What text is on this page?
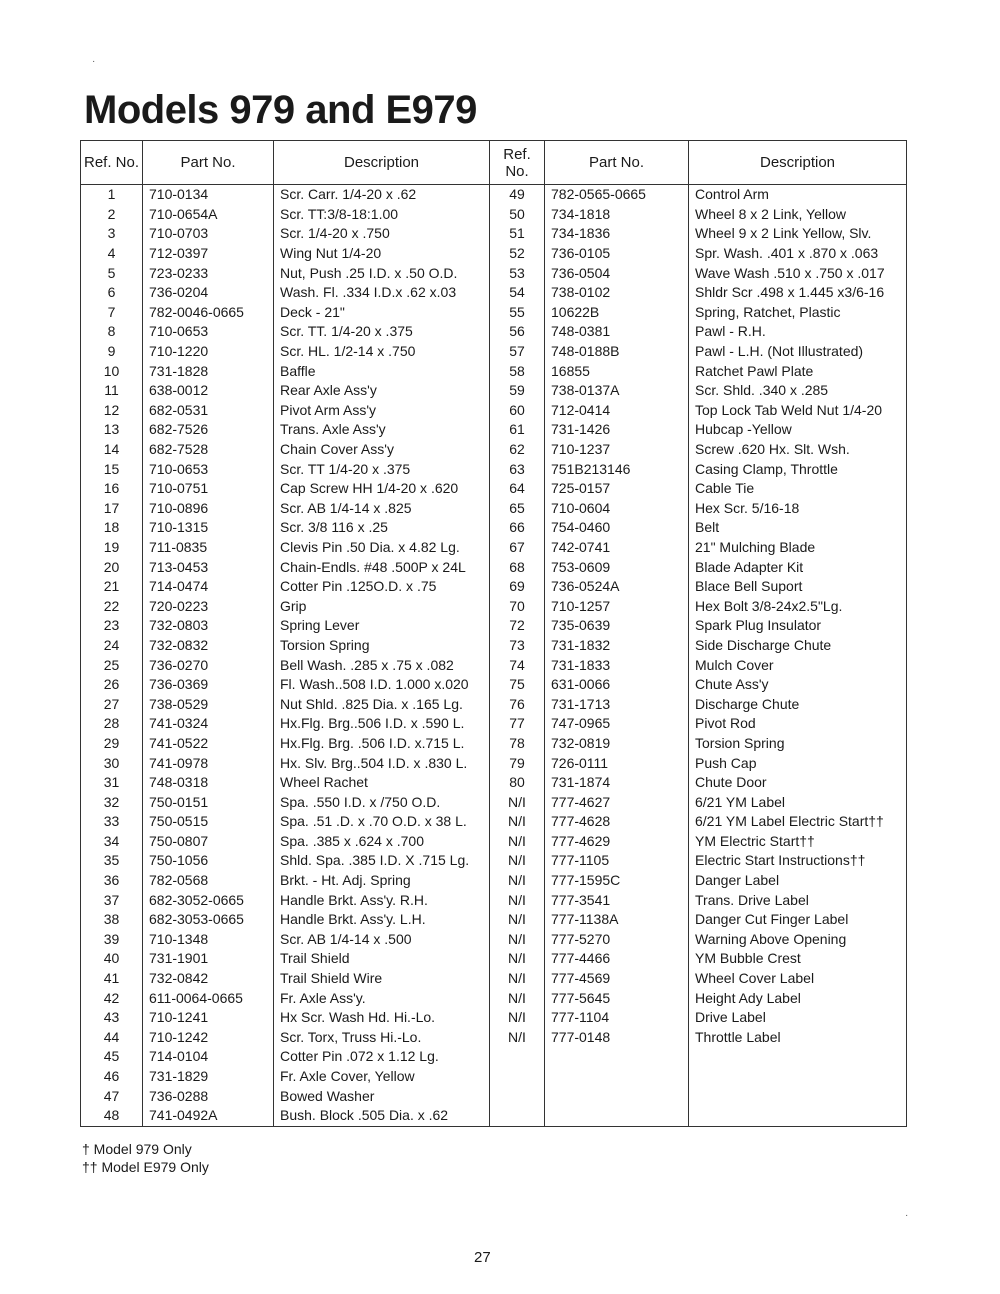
Models 979 and E979
Ref. No.	Part No.	Description	Ref. No.	Part No.	Description
1	710-0134	Scr. Carr. 1/4-20 x .62	49	782-0565-0665	Control Arm
2	710-0654A	Scr. TT:3/8-18:1.00	50	734-1818	Wheel 8 x 2 Link, Yellow
3	710-0703	Scr. 1/4-20 x .750	51	734-1836	Wheel 9 x 2 Link Yellow, Slv.
4	712-0397	Wing Nut 1/4-20	52	736-0105	Spr. Wash. .401 x .870 x .063
5	723-0233	Nut, Push .25 I.D. x .50 O.D.	53	736-0504	Wave Wash .510 x .750 x .017
6	736-0204	Wash. Fl. .334 I.D.x .62 x.03	54	738-0102	Shldr Scr .498 x 1.445 x3/6-16
7	782-0046-0665	Deck - 21"	55	10622B	Spring, Ratchet, Plastic
8	710-0653	Scr. TT. 1/4-20 x .375	56	748-0381	Pawl - R.H.
9	710-1220	Scr. HL. 1/2-14 x .750	57	748-0188B	Pawl - L.H. (Not Illustrated)
10	731-1828	Baffle	58	16855	Ratchet Pawl Plate
11	638-0012	Rear Axle Ass'y	59	738-0137A	Scr. Shld. .340 x .285
12	682-0531	Pivot Arm Ass'y	60	712-0414	Top Lock Tab Weld Nut 1/4-20
13	682-7526	Trans. Axle Ass'y	61	731-1426	Hubcap -Yellow
14	682-7528	Chain Cover Ass'y	62	710-1237	Screw .620 Hx. Slt. Wsh.
15	710-0653	Scr. TT 1/4-20 x .375	63	751B213146	Casing Clamp, Throttle
16	710-0751	Cap Screw HH 1/4-20 x .620	64	725-0157	Cable Tie
17	710-0896	Scr. AB 1/4-14 x .825	65	710-0604	Hex Scr. 5/16-18
18	710-1315	Scr. 3/8 116 x .25	66	754-0460	Belt
19	711-0835	Clevis Pin .50 Dia. x 4.82 Lg.	67	742-0741	21" Mulching Blade
20	713-0453	Chain-Endls. #48 .500P x 24L	68	753-0609	Blade Adapter Kit
21	714-0474	Cotter Pin .125O.D. x .75	69	736-0524A	Blace Bell Suport
22	720-0223	Grip	70	710-1257	Hex Bolt 3/8-24x2.5"Lg.
23	732-0803	Spring Lever	72	735-0639	Spark Plug Insulator
24	732-0832	Torsion Spring	73	731-1832	Side Discharge Chute
25	736-0270	Bell Wash. .285 x .75 x .082	74	731-1833	Mulch Cover
26	736-0369	Fl. Wash..508 I.D. 1.000 x.020	75	631-0066	Chute Ass'y
27	738-0529	Nut Shld. .825 Dia. x .165 Lg.	76	731-1713	Discharge Chute
28	741-0324	Hx.Flg. Brg..506 I.D. x .590 L.	77	747-0965	Pivot Rod
29	741-0522	Hx.Flg. Brg. .506 I.D. x.715 L.	78	732-0819	Torsion Spring
30	741-0978	Hx. Slv. Brg..504 I.D. x .830 L.	79	726-0111	Push Cap
31	748-0318	Wheel Rachet	80	731-1874	Chute Door
32	750-0151	Spa. .550 I.D. x /750 O.D.	N/I	777-4627	6/21 YM Label
33	750-0515	Spa. .51 .D. x .70 O.D. x 38 L.	N/I	777-4628	6/21 YM Label Electric Start††
34	750-0807	Spa. .385 x .624 x .700	N/I	777-4629	YM Electric Start††
35	750-1056	Shld. Spa. .385 I.D. X .715 Lg.	N/I	777-1105	Electric Start Instructions††
36	782-0568	Brkt. - Ht. Adj. Spring	N/I	777-1595C	Danger Label
37	682-3052-0665	Handle Brkt. Ass'y. R.H.	N/I	777-3541	Trans. Drive Label
38	682-3053-0665	Handle Brkt. Ass'y. L.H.	N/I	777-1138A	Danger Cut Finger Label
39	710-1348	Scr. AB 1/4-14 x .500	N/I	777-5270	Warning Above Opening
40	731-1901	Trail Shield	N/I	777-4466	YM Bubble Crest
41	732-0842	Trail Shield Wire	N/I	777-4569	Wheel Cover Label
42	611-0064-0665	Fr. Axle Ass'y.	N/I	777-5645	Height Ady Label
43	710-1241	Hx Scr. Wash Hd. Hi.-Lo.	N/I	777-1104	Drive Label
44	710-1242	Scr. Torx, Truss Hi.-Lo.	N/I	777-0148	Throttle Label
45	714-0104	Cotter Pin .072 x 1.12 Lg.			
46	731-1829	Fr. Axle Cover, Yellow			
47	736-0288	Bowed Washer			
48	741-0492A	Bush. Block .505 Dia. x .62			
† Model 979 Only
†† Model E979 Only
27
·
·
